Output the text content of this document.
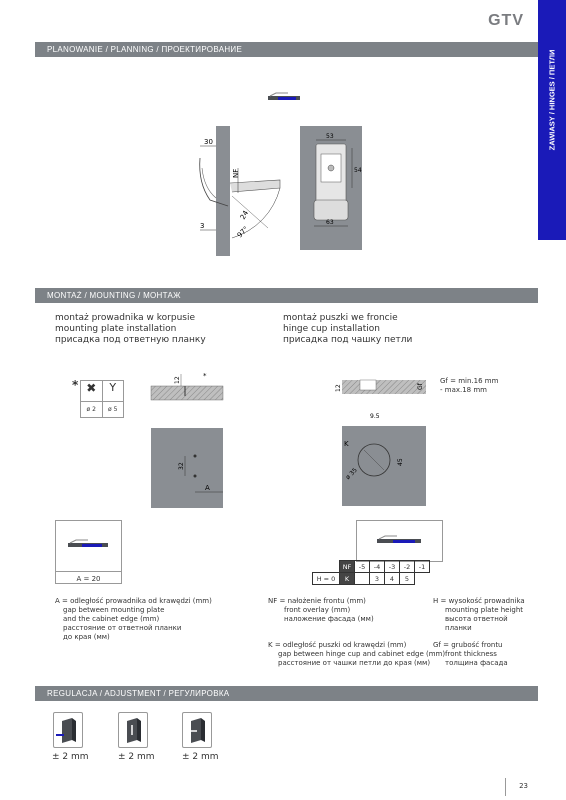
GTV
ZAWIASY / HINGES / ПЕТЛИ
PLANOWANIE / PLANNING / ПРОЕКТИРОВАНИЕ
30
NF
3
24
97°
53
54
63
MONTAŻ / MOUNTING / МОНТАЖ
montaż prowadnika w korpusie
mounting plate installation
присадка под ответную планку
montaż puszki we froncie
hinge cup installation
присадка под чашку петли
* ✖	Y
ø 2	ø 5
12
*
32
A
12	Gf
9.5
K
45
ø 35
Gf = min.16 mm
- max.18 mm
A = 20
	NF	-5	-4	-3	-2	-1
H = 0	K		3	4	5	
A = odległość prowadnika od krawędzi (mm)
gap between mounting plate
and the cabinet edge (mm)
расстояние от ответной планки
до края (мм)
NF = nałożenie frontu (mm)
front overlay (mm)
наложение фасада (мм)
K = odległość puszki od krawędzi (mm)
gap between hinge cup and cabinet edge (mm)
расстояние от чашки петли до края (мм)
H = wysokość prowadnika
mounting plate height
высота ответной
планки
Gf = grubość frontu
front thickness
толщина фасада
REGULACJA / ADJUSTMENT / РЕГУЛИРОВКА
± 2 mm	± 2 mm	± 2 mm
23
